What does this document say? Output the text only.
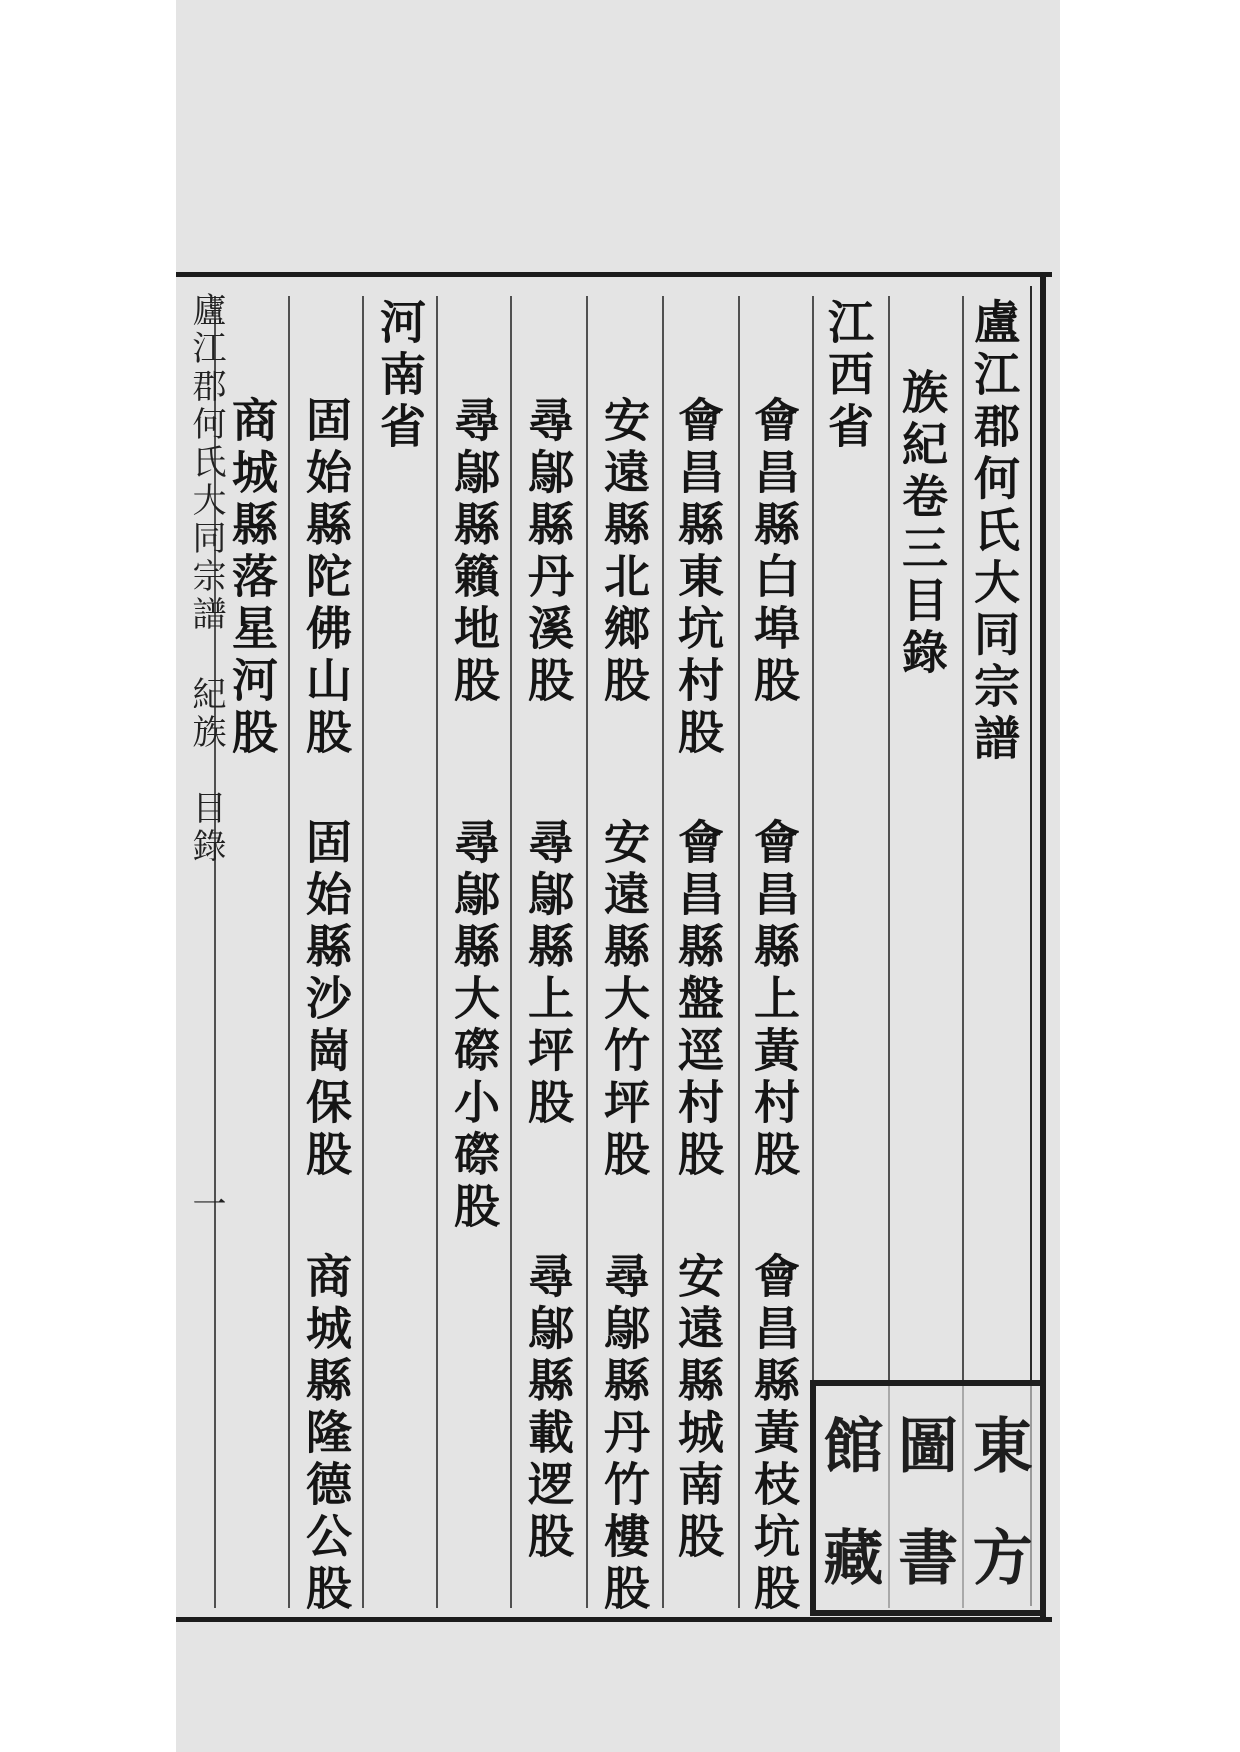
盧江郡何氏大同宗譜
族紀卷三目錄
江西省
會昌縣白埠股
會昌縣上黃村股
會昌縣黃枝坑股
會昌縣東坑村股
會昌縣盤逕村股
安遠縣城南股
安遠縣北鄉股
安遠縣大竹坪股
尋鄔縣丹竹樓股
尋鄔縣丹溪股
尋鄔縣上坪股
尋鄔縣載逻股
尋鄔縣籟地股
尋鄔縣大磜小磜股
河南省
固始縣陀佛山股
固始縣沙崗保股
商城縣隆德公股
商城縣落星河股
廬江郡何氏大同宗譜
紀族
目錄
一
東
方
圖
書
館
藏
